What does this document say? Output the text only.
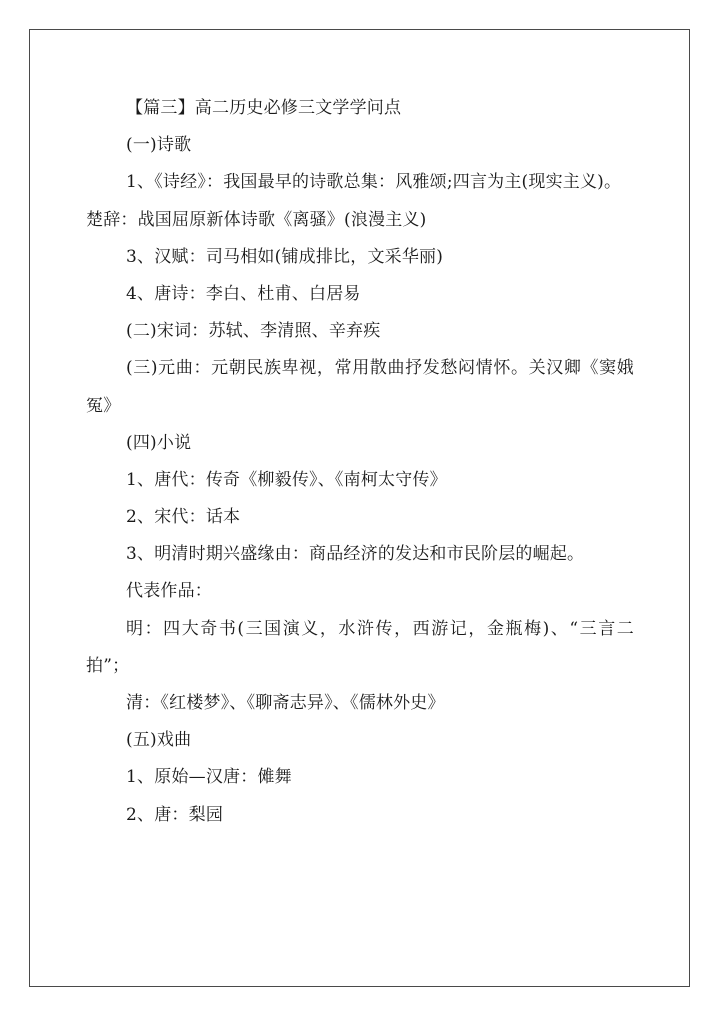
【篇三】高二历史必修三文学学问点
(一)诗歌
1、《诗经》：我国最早的诗歌总集：风雅颂;四言为主(现实主义)。
楚辞：战国屈原新体诗歌《离骚》(浪漫主义)
3、汉赋：司马相如(铺成排比，文采华丽)
4、唐诗：李白、杜甫、白居易
(二)宋词：苏轼、李清照、辛弃疾
(三)元曲：元朝民族卑视，常用散曲抒发愁闷情怀。关汉卿《窦娥冤》
(四)小说
1、唐代：传奇《柳毅传》、《南柯太守传》
2、宋代：话本
3、明清时期兴盛缘由：商品经济的发达和市民阶层的崛起。
代表作品：
明：四大奇书(三国演义，水浒传，西游记，金瓶梅)、“三言二拍”；
清：《红楼梦》、《聊斋志异》、《儒林外史》
(五)戏曲
1、原始—汉唐：傩舞
2、唐：梨园
